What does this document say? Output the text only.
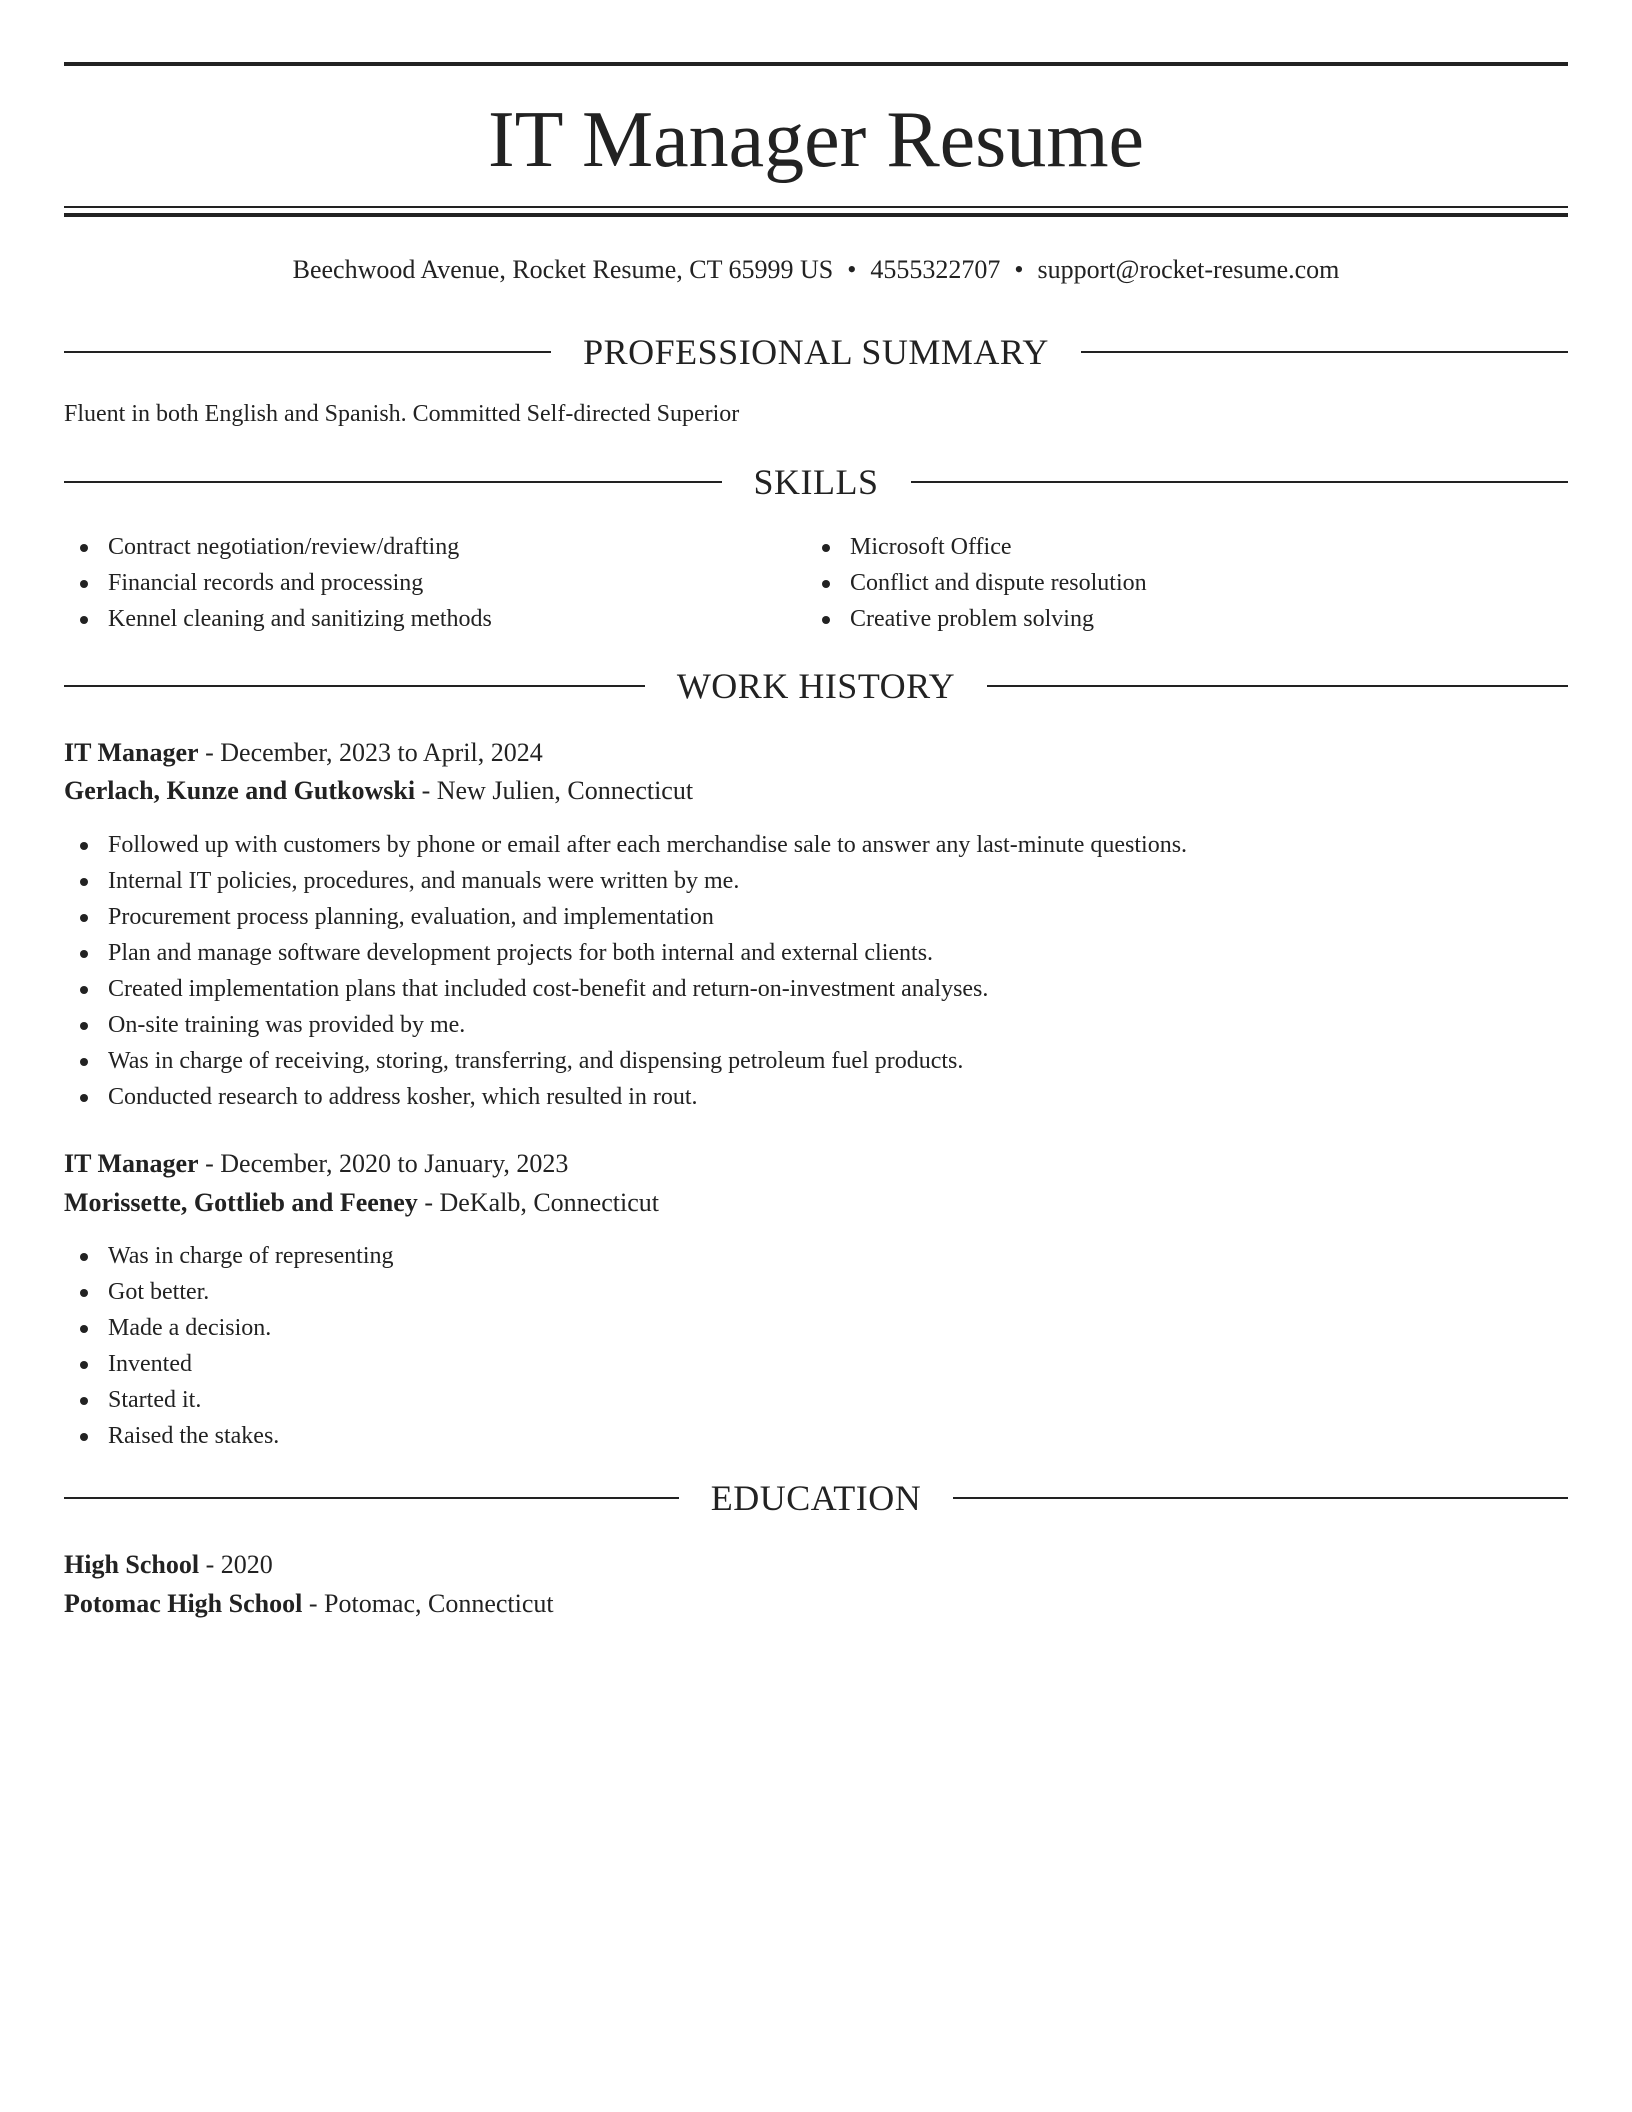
IT Manager Resume
Beechwood Avenue, Rocket Resume, CT 65999 US • 4555322707 • support@rocket-resume.com
PROFESSIONAL SUMMARY
Fluent in both English and Spanish. Committed Self-directed Superior
SKILLS
Contract negotiation/review/drafting
Financial records and processing
Kennel cleaning and sanitizing methods
Microsoft Office
Conflict and dispute resolution
Creative problem solving
WORK HISTORY
IT Manager - December, 2023 to April, 2024
Gerlach, Kunze and Gutkowski - New Julien, Connecticut
Followed up with customers by phone or email after each merchandise sale to answer any last-minute questions.
Internal IT policies, procedures, and manuals were written by me.
Procurement process planning, evaluation, and implementation
Plan and manage software development projects for both internal and external clients.
Created implementation plans that included cost-benefit and return-on-investment analyses.
On-site training was provided by me.
Was in charge of receiving, storing, transferring, and dispensing petroleum fuel products.
Conducted research to address kosher, which resulted in rout.
IT Manager - December, 2020 to January, 2023
Morissette, Gottlieb and Feeney - DeKalb, Connecticut
Was in charge of representing
Got better.
Made a decision.
Invented
Started it.
Raised the stakes.
EDUCATION
High School - 2020
Potomac High School - Potomac, Connecticut
